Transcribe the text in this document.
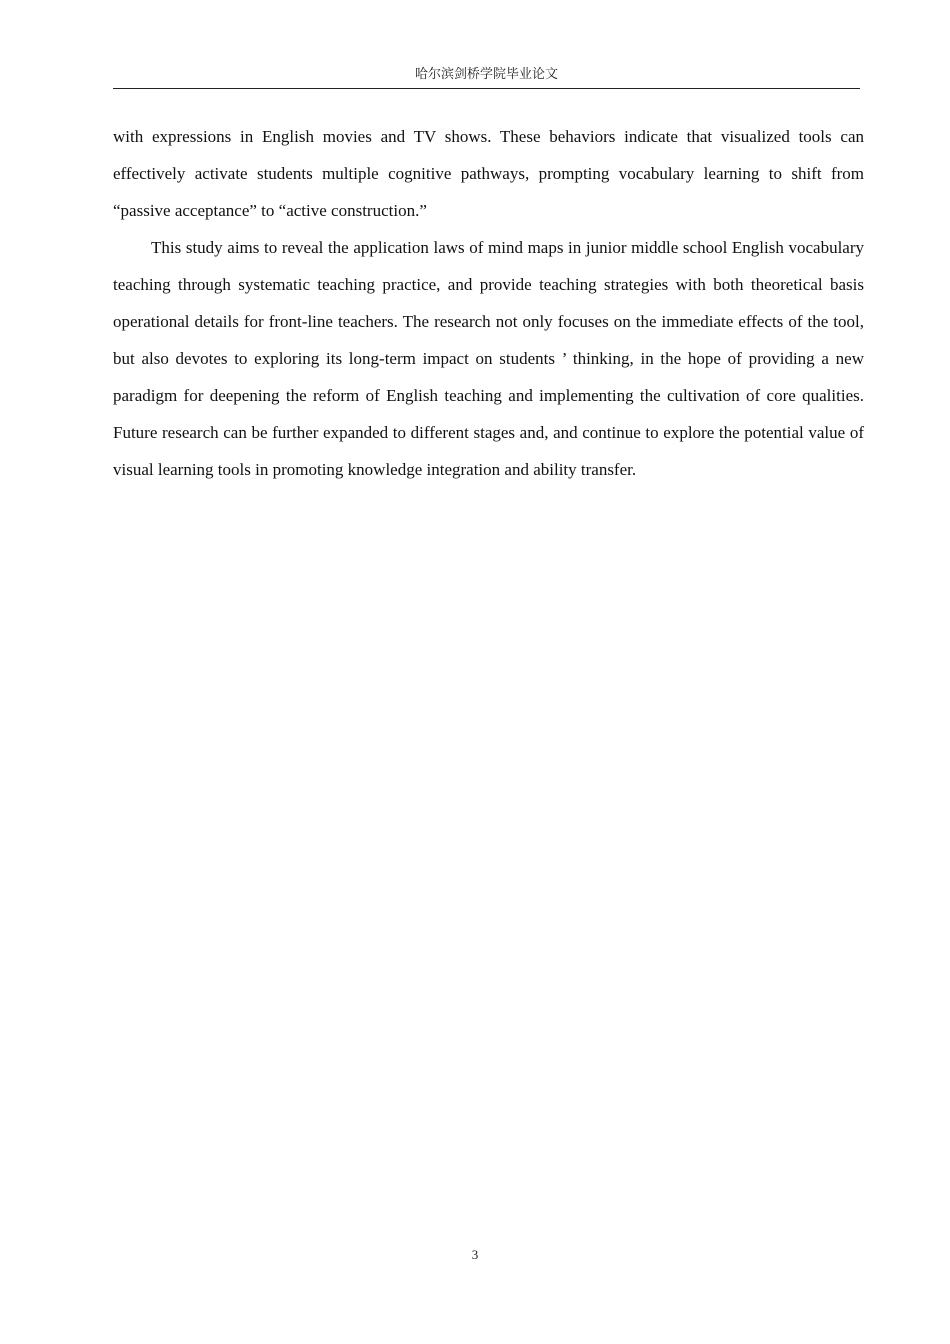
哈尔滨剑桥学院毕业论文

with expressions in English movies and TV shows. These behaviors indicate that visualized tools can effectively activate students multiple cognitive pathways, prompting vocabulary learning to shift from “passive acceptance” to “active construction.”

This study aims to reveal the application laws of mind maps in junior middle school English vocabulary teaching through systematic teaching practice, and provide teaching strategies with both theoretical basis operational details for front-line teachers. The research not only focuses on the immediate effects of the tool, but also devotes to exploring its long-term impact on students ’ thinking, in the hope of providing a new paradigm for deepening the reform of English teaching and implementing the cultivation of core qualities. Future research can be further expanded to different stages and, and continue to explore the potential value of visual learning tools in promoting knowledge integration and ability transfer.

3
